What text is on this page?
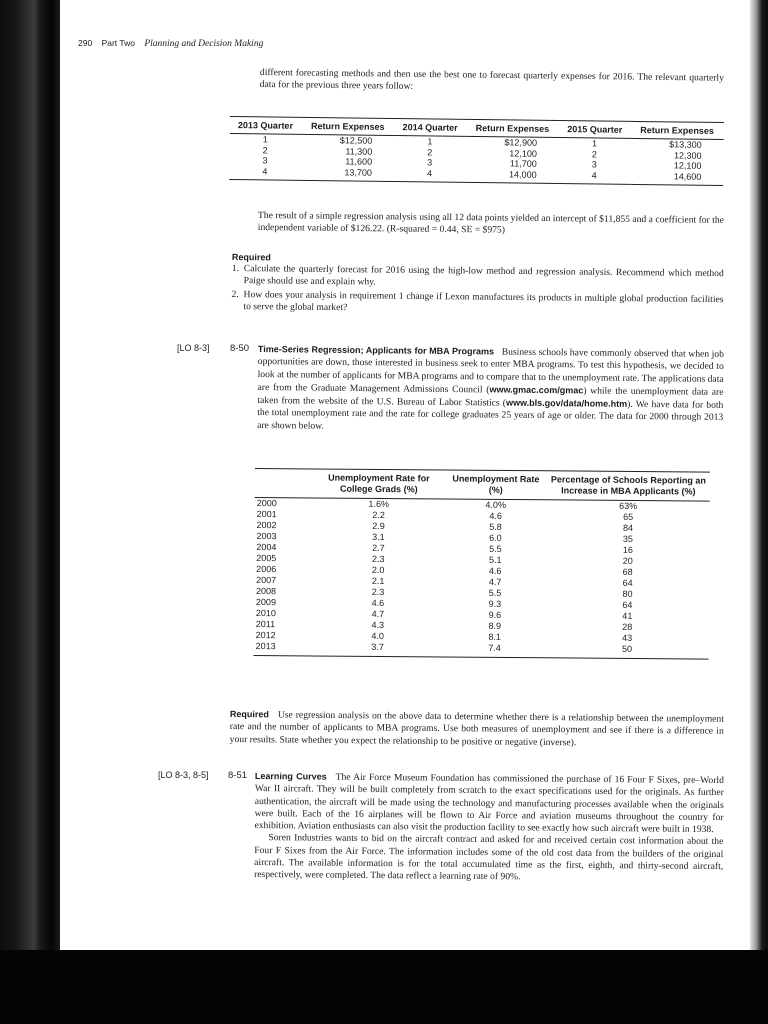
290 Part Two Planning and Decision Making

different forecasting methods and then use the best one to forecast quarterly expenses for 2016. The relevant quarterly data for the previous three years follow:

2013 Quarter	Return Expenses	2014 Quarter	Return Expenses	2015 Quarter	Return Expenses
1	$12,500	1	$12,900	1	$13,300
2	11,300	2	12,100	2	12,300
3	11,600	3	11,700	3	12,100
4	13,700	4	14,000	4	14,600

The result of a simple regression analysis using all 12 data points yielded an intercept of $11,855 and a coefficient for the independent variable of $126.22. (R-squared = 0.44, SE = $975)

Required
1. Calculate the quarterly forecast for 2016 using the high-low method and regression analysis. Recommend which method Paige should use and explain why.
2. How does your analysis in requirement 1 change if Lexon manufactures its products in multiple global production facilities to serve the global market?
[LO 8-3] 8-50 Time-Series Regression; Applicants for MBA Programs Business schools have commonly observed that when job opportunities are down, those interested in business seek to enter MBA programs. To test this hypothesis, we decided to look at the number of applicants for MBA programs and to compare that to the unemployment rate. The applications data are from the Graduate Management Admissions Council (www.gmac.com/gmac) while the unemployment data are taken from the website of the U.S. Bureau of Labor Statistics (www.bls.gov/data/home.htm). We have data for both the total unemployment rate and the rate for college graduates 25 years of age or older. The data for 2000 through 2013 are shown below.

	Unemployment Rate for College Grads (%)	Unemployment Rate (%)	Percentage of Schools Reporting an Increase in MBA Applicants (%)
2000	1.6%	4.0%	63%
2001	2.2	4.6	65
2002	2.9	5.8	84
2003	3.1	6.0	35
2004	2.7	5.5	16
2005	2.3	5.1	20
2006	2.0	4.6	68
2007	2.1	4.7	64
2008	2.3	5.5	80
2009	4.6	9.3	64
2010	4.7	9.6	41
2011	4.3	8.9	28
2012	4.0	8.1	43
2013	3.7	7.4	50

Required Use regression analysis on the above data to determine whether there is a relationship between the unemployment rate and the number of applicants to MBA programs. Use both measures of unemployment and see if there is a difference in your results. State whether you expect the relationship to be positive or negative (inverse).

[LO 8-3, 8-5] 8-51 Learning Curves The Air Force Museum Foundation has commissioned the purchase of 16 Four F Sixes, pre–World War II aircraft. They will be built completely from scratch to the exact specifications used for the originals. As further authentication, the aircraft will be made using the technology and manufacturing processes available when the originals were built. Each of the 16 airplanes will be flown to Air Force and aviation museums throughout the country for exhibition. Aviation enthusiasts can also visit the production facility to see exactly how such aircraft were built in 1938.

Soren Industries wants to bid on the aircraft contract and asked for and received certain cost information about the Four F Sixes from the Air Force. The information includes some of the old cost data from the builders of the original aircraft. The available information is for the total accumulated time as the first, eighth, and thirty-second aircraft, respectively, were completed. The data reflect a learning rate of 90%.
